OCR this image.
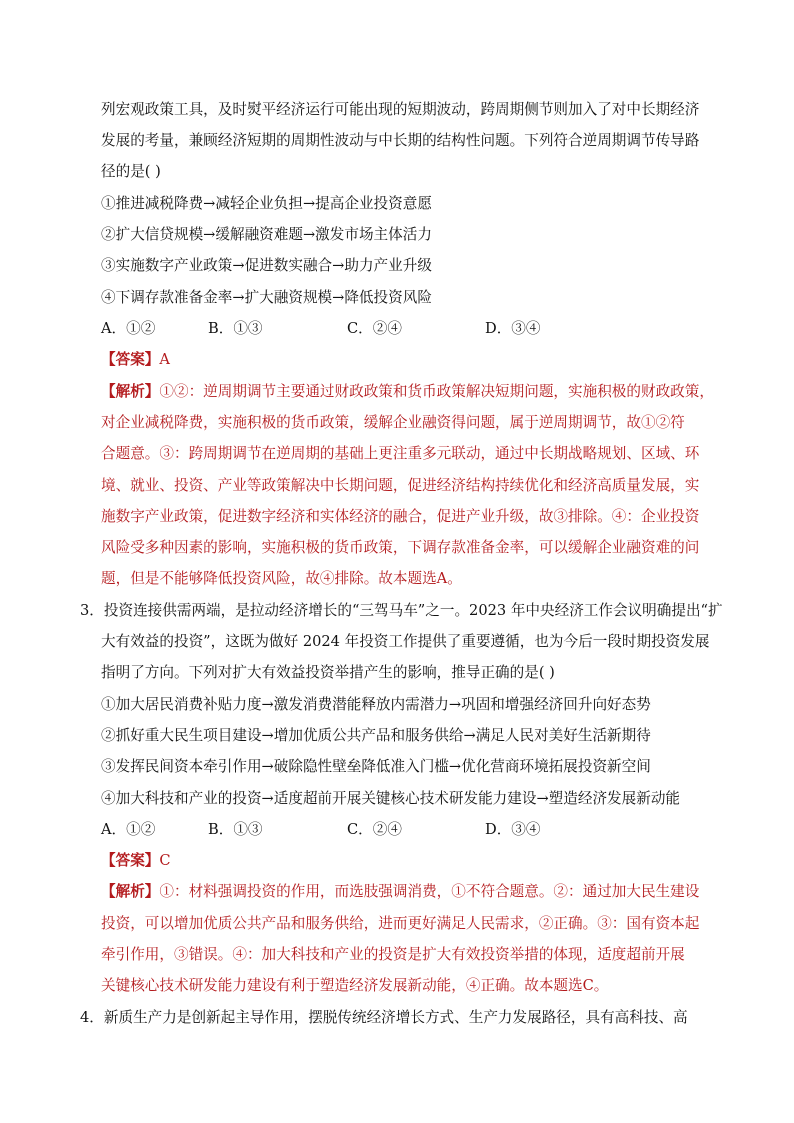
列宏观政策工具，及时熨平经济运行可能出现的短期波动，跨周期侧节则加入了对中长期经济
发展的考量，兼顾经济短期的周期性波动与中长期的结构性问题。下列符合逆周期调节传导路
径的是( )
①推进减税降费→减轻企业负担→提高企业投资意愿
②扩大信贷规模→缓解融资难题→激发市场主体活力
③实施数字产业政策→促进数实融合→助力产业升级
④下调存款准备金率→扩大融资规模→降低投资风险
A．①②	B．①③	C．②④	D．③④
【答案】A
【解析】①②：逆周期调节主要通过财政政策和货币政策解决短期问题，实施积极的财政政策，
对企业减税降费，实施积极的货币政策，缓解企业融资得问题，属于逆周期调节，故①②符
合题意。③：跨周期调节在逆周期的基础上更注重多元联动，通过中长期战略规划、区域、环
境、就业、投资、产业等政策解决中长期问题，促进经济结构持续优化和经济高质量发展，实
施数字产业政策，促进数字经济和实体经济的融合，促进产业升级，故③排除。④：企业投资
风险受多种因素的影响，实施积极的货币政策，下调存款准备金率，可以缓解企业融资难的问
题，但是不能够降低投资风险，故④排除。故本题选A。
3．投资连接供需两端，是拉动经济增长的“三驾马车”之一。2023 年中央经济工作会议明确提出“扩
大有效益的投资”，这既为做好 2024 年投资工作提供了重要遵循，也为今后一段时期投资发展
指明了方向。下列对扩大有效益投资举措产生的影响，推导正确的是( )
①加大居民消费补贴力度→激发消费潜能释放内需潜力→巩固和增强经济回升向好态势
②抓好重大民生项目建设→增加优质公共产品和服务供给→满足人民对美好生活新期待
③发挥民间资本牵引作用→破除隐性壁垒降低准入门槛→优化营商环境拓展投资新空间
④加大科技和产业的投资→适度超前开展关键核心技术研发能力建设→塑造经济发展新动能
A．①②	B．①③	C．②④	D．③④
【答案】C
【解析】①：材料强调投资的作用，而选肢强调消费，①不符合题意。②：通过加大民生建设
投资，可以增加优质公共产品和服务供给，进而更好满足人民需求，②正确。③：国有资本起
牵引作用，③错误。④：加大科技和产业的投资是扩大有效投资举措的体现，适度超前开展
关键核心技术研发能力建设有利于塑造经济发展新动能，④正确。故本题选C。
4．新质生产力是创新起主导作用，摆脱传统经济增长方式、生产力发展路径，具有高科技、高
